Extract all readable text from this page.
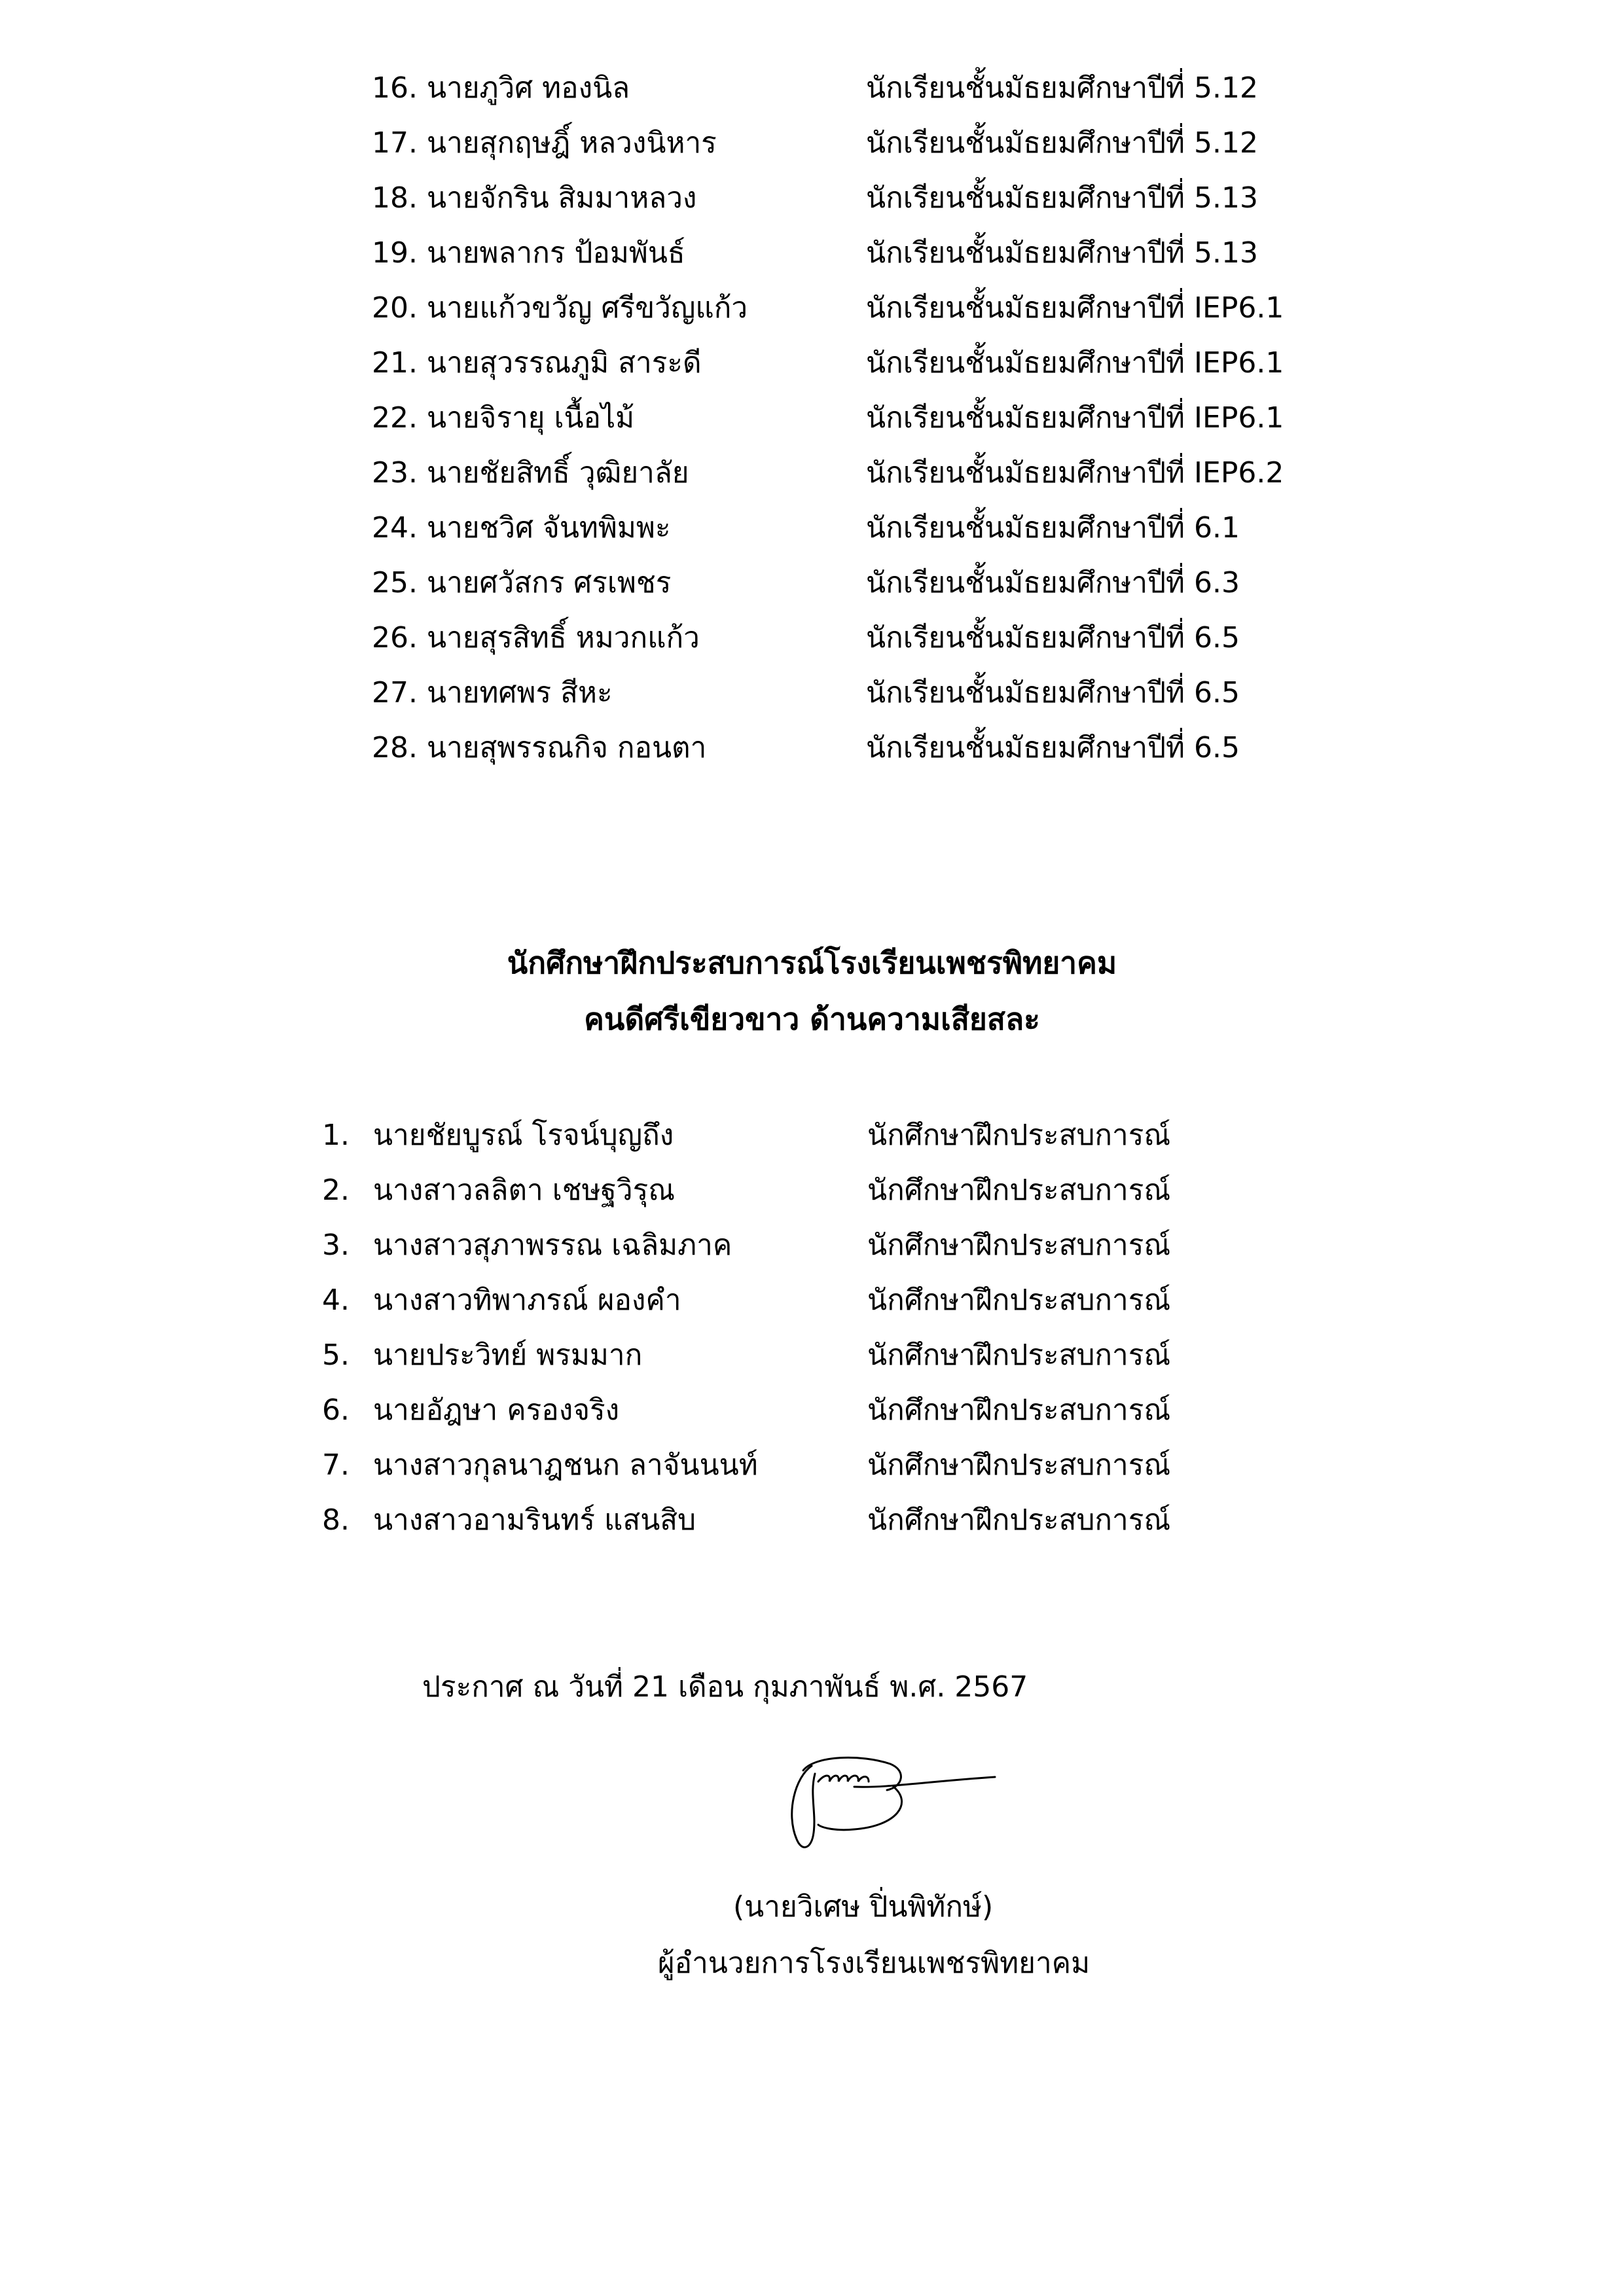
16. นายภูวิศ ทองนิล	นักเรียนชั้นมัธยมศึกษาปีที่ 5.12
17. นายสุกฤษฎิ์ หลวงนิหาร	นักเรียนชั้นมัธยมศึกษาปีที่ 5.12
18. นายจักริน สิมมาหลวง	นักเรียนชั้นมัธยมศึกษาปีที่ 5.13
19. นายพลากร ป้อมพันธ์	นักเรียนชั้นมัธยมศึกษาปีที่ 5.13
20. นายแก้วขวัญ ศรีขวัญแก้ว	นักเรียนชั้นมัธยมศึกษาปีที่ IEP6.1
21. นายสุวรรณภูมิ สาระดี	นักเรียนชั้นมัธยมศึกษาปีที่ IEP6.1
22. นายจิรายุ เนื้อไม้	นักเรียนชั้นมัธยมศึกษาปีที่ IEP6.1
23. นายชัยสิทธิ์ วุฒิยาลัย	นักเรียนชั้นมัธยมศึกษาปีที่ IEP6.2
24. นายชวิศ จันทพิมพะ	นักเรียนชั้นมัธยมศึกษาปีที่ 6.1
25. นายศวัสกร ศรเพชร	นักเรียนชั้นมัธยมศึกษาปีที่ 6.3
26. นายสุรสิทธิ์ หมวกแก้ว	นักเรียนชั้นมัธยมศึกษาปีที่ 6.5
27. นายทศพร สีหะ	นักเรียนชั้นมัธยมศึกษาปีที่ 6.5
28. นายสุพรรณกิจ กอนตา	นักเรียนชั้นมัธยมศึกษาปีที่ 6.5
นักศึกษาฝึกประสบการณ์โรงเรียนเพชรพิทยาคม
คนดีศรีเขียวขาว ด้านความเสียสละ
1. นายชัยบูรณ์ โรจน์บุญถึง	นักศึกษาฝึกประสบการณ์
2. นางสาวลลิตา เชษฐวิรุณ	นักศึกษาฝึกประสบการณ์
3. นางสาวสุภาพรรณ เฉลิมภาค	นักศึกษาฝึกประสบการณ์
4. นางสาวทิพาภรณ์ ผองคำ	นักศึกษาฝึกประสบการณ์
5. นายประวิทย์ พรมมาก	นักศึกษาฝึกประสบการณ์
6. นายอัฎษา ครองจริง	นักศึกษาฝึกประสบการณ์
7. นางสาวกุลนาฎชนก ลาจันนนท์	นักศึกษาฝึกประสบการณ์
8. นางสาวอามรินทร์ แสนสิบ	นักศึกษาฝึกประสบการณ์
ประกาศ ณ วันที่ 21 เดือน กุมภาพันธ์ พ.ศ. 2567
(นายวิเศษ ปิ่นพิทักษ์)
ผู้อำนวยการโรงเรียนเพชรพิทยาคม
